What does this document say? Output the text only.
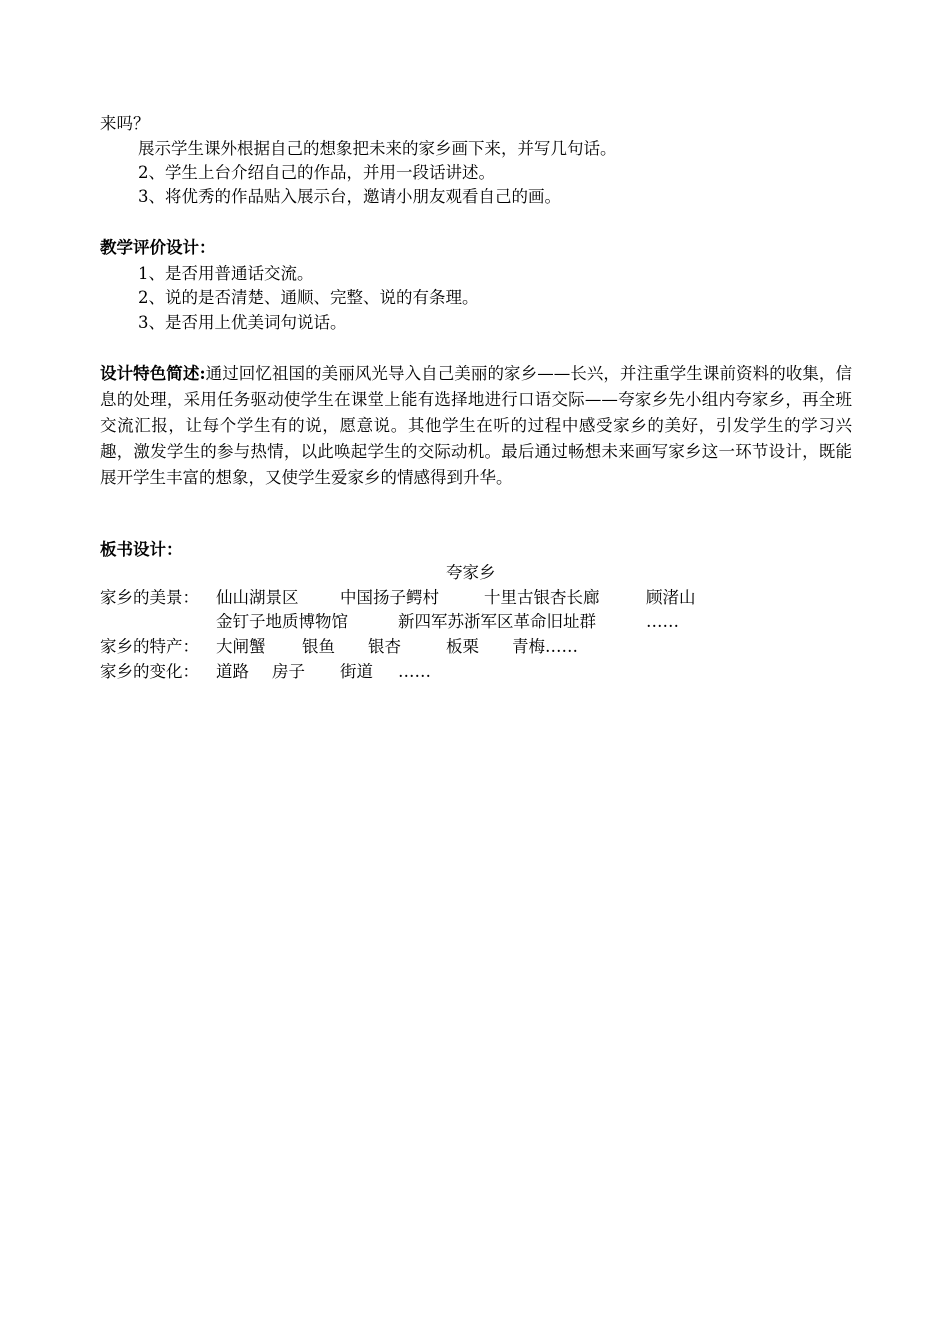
来吗？
展示学生课外根据自己的想象把未来的家乡画下来，并写几句话。
2、学生上台介绍自己的作品，并用一段话讲述。
3、将优秀的作品贴入展示台，邀请小朋友观看自己的画。
教学评价设计：
1、是否用普通话交流。
2、说的是否清楚、通顺、完整、说的有条理。
3、是否用上优美词句说话。
设计特色简述:通过回忆祖国的美丽风光导入自己美丽的家乡——长兴，并注重学生课前资料的收集，信息的处理，采用任务驱动使学生在课堂上能有选择地进行口语交际——夸家乡先小组内夸家乡，再全班交流汇报，让每个学生有的说，愿意说。其他学生在听的过程中感受家乡的美好，引发学生的学习兴趣，激发学生的参与热情，以此唤起学生的交际动机。最后通过畅想未来画写家乡这一环节设计，既能展开学生丰富的想象，又使学生爱家乡的情感得到升华。
板书设计：
夸家乡
家乡的美景： 仙山湖景区	中国扬子鳄村	十里古银杏长廊	顾渚山
金钉子地质博物馆	新四军苏浙军区革命旧址群	……
家乡的特产： 大闸蟹 银鱼 银杏	板栗 青梅……
家乡的变化： 道路 房子 街道 ……
